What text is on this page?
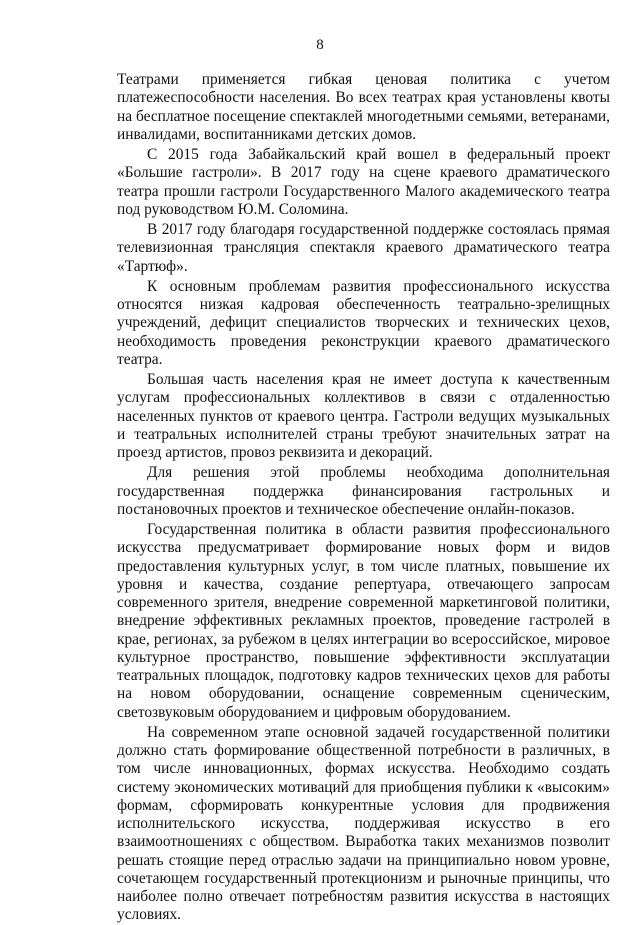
8

Театрами применяется гибкая ценовая политика с учетом платежеспособности населения. Во всех театрах края установлены квоты на бесплатное посещение спектаклей многодетными семьями, ветеранами, инвалидами, воспитанниками детских домов.

С 2015 года Забайкальский край вошел в федеральный проект «Большие гастроли». В 2017 году на сцене краевого драматического театра прошли гастроли Государственного Малого академического театра под руководством Ю.М. Соломина.

В 2017 году благодаря государственной поддержке состоялась прямая телевизионная трансляция спектакля краевого драматического театра «Тартюф».

К основным проблемам развития профессионального искусства относятся низкая кадровая обеспеченность театрально-зрелищных учреждений, дефицит специалистов творческих и технических цехов, необходимость проведения реконструкции краевого драматического театра.

Большая часть населения края не имеет доступа к качественным услугам профессиональных коллективов в связи с отдаленностью населенных пунктов от краевого центра. Гастроли ведущих музыкальных и театральных исполнителей страны требуют значительных затрат на проезд артистов, провоз реквизита и декораций.

Для решения этой проблемы необходима дополнительная государственная поддержка финансирования гастрольных и постановочных проектов и техническое обеспечение онлайн-показов.

Государственная политика в области развития профессионального искусства предусматривает формирование новых форм и видов предоставления культурных услуг, в том числе платных, повышение их уровня и качества, создание репертуара, отвечающего запросам современного зрителя, внедрение современной маркетинговой политики, внедрение эффективных рекламных проектов, проведение гастролей в крае, регионах, за рубежом в целях интеграции во всероссийское, мировое культурное пространство, повышение эффективности эксплуатации театральных площадок, подготовку кадров технических цехов для работы на новом оборудовании, оснащение современным сценическим, светозвуковым оборудованием и цифровым оборудованием.

На современном этапе основной задачей государственной политики должно стать формирование общественной потребности в различных, в том числе инновационных, формах искусства. Необходимо создать систему экономических мотиваций для приобщения публики к «высоким» формам, сформировать конкурентные условия для продвижения исполнительского искусства, поддерживая искусство в его взаимоотношениях с обществом. Выработка таких механизмов позволит решать стоящие перед отраслью задачи на принципиально новом уровне, сочетающем государственный протекционизм и рыночные принципы, что наиболее полно отвечает потребностям развития искусства в настоящих условиях.
